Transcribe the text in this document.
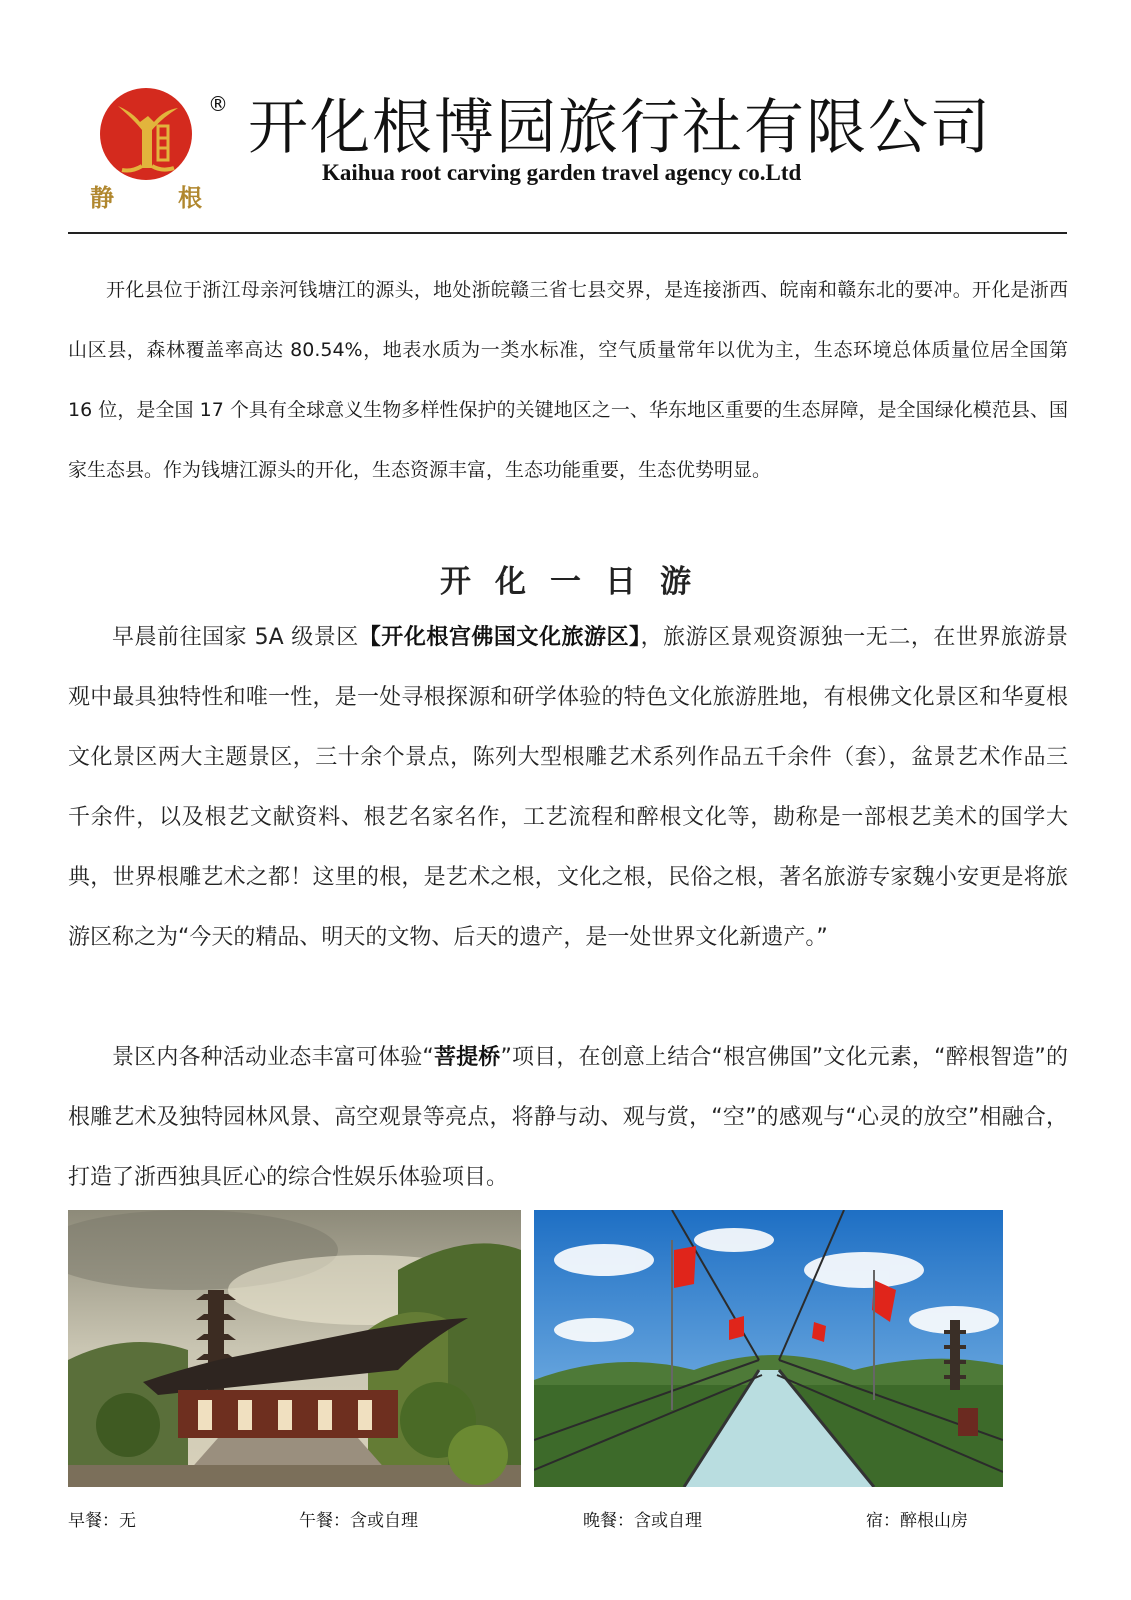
静	根
® 开化根博园旅行社有限公司
Kaihua root carving garden travel agency co.Ltd

开化县位于浙江母亲河钱塘江的源头，地处浙皖赣三省七县交界，是连接浙西、皖南和赣东北的要冲。开化是浙西山区县，森林覆盖率高达 80.54%，地表水质为一类水标准，空气质量常年以优为主，生态环境总体质量位居全国第 16 位，是全国 17 个具有全球意义生物多样性保护的关键地区之一、华东地区重要的生态屏障，是全国绿化模范县、国家生态县。作为钱塘江源头的开化，生态资源丰富，生态功能重要，生态优势明显。

开化一日游

早晨前往国家 5A 级景区【开化根宫佛国文化旅游区】，旅游区景观资源独一无二，在世界旅游景观中最具独特性和唯一性，是一处寻根探源和研学体验的特色文化旅游胜地，有根佛文化景区和华夏根文化景区两大主题景区，三十余个景点，陈列大型根雕艺术系列作品五千余件（套），盆景艺术作品三千余件，以及根艺文献资料、根艺名家名作，工艺流程和醉根文化等，勘称是一部根艺美术的国学大典，世界根雕艺术之都！这里的根，是艺术之根，文化之根，民俗之根，著名旅游专家魏小安更是将旅游区称之为“今天的精品、明天的文物、后天的遗产，是一处世界文化新遗产。”

景区内各种活动业态丰富可体验“菩提桥”项目，在创意上结合“根宫佛国”文化元素，“醉根智造”的根雕艺术及独特园林风景、高空观景等亮点，将静与动、观与赏，“空”的感观与“心灵的放空”相融合，打造了浙西独具匠心的综合性娱乐体验项目。

早餐：无	午餐：含或自理	晚餐：含或自理	宿：醉根山房
